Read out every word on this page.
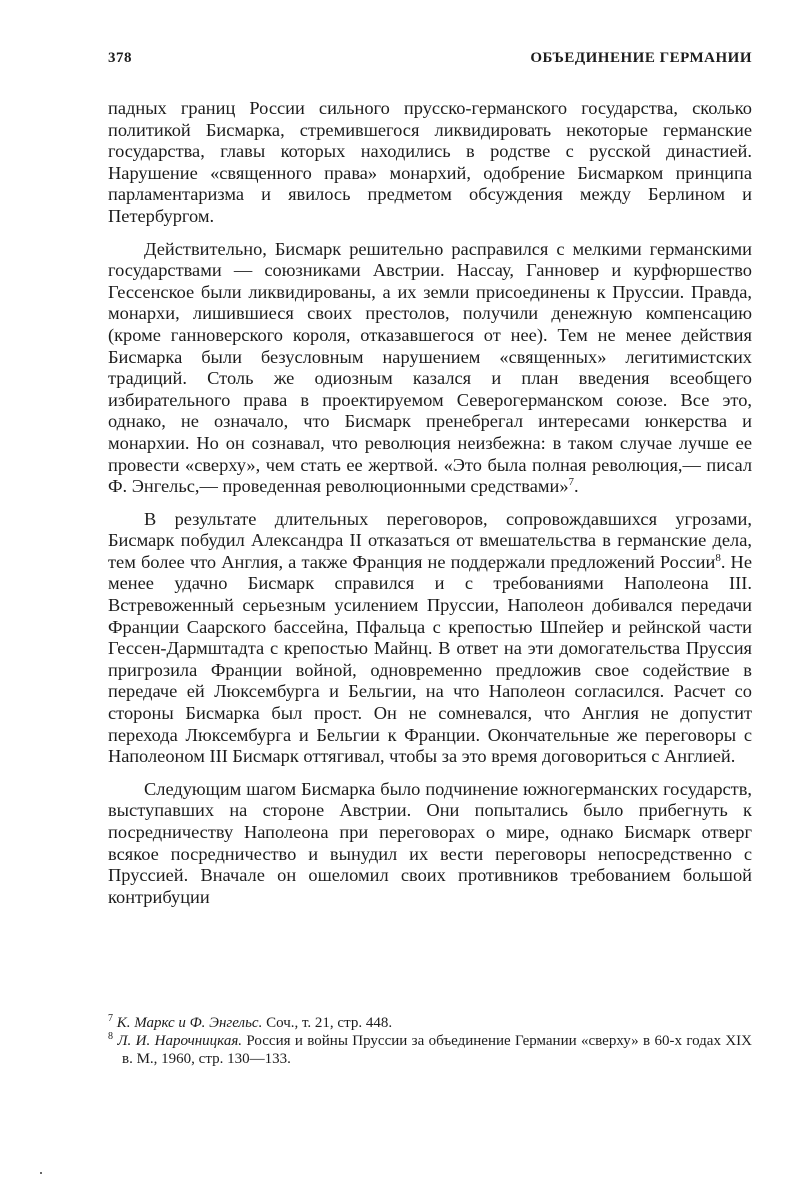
378	ОБЪЕДИНЕНИЕ ГЕРМАНИИ

падных границ России сильного прусско-германского государства, сколько политикой Бисмарка, стремившегося ликвидировать некоторые германские государства, главы которых находились в родстве с русской династией. Нарушение «священного права» монархий, одобрение Бисмарком принципа парламентаризма и явилось предметом обсуждения между Берлином и Петербургом.

Действительно, Бисмарк решительно расправился с мелкими германскими государствами — союзниками Австрии. Нассау, Ганновер и курфюршество Гессенское были ликвидированы, а их земли присоединены к Пруссии. Правда, монархи, лишившиеся своих престолов, получили денежную компенсацию (кроме ганноверского короля, отказавшегося от нее). Тем не менее действия Бисмарка были безусловным нарушением «священных» легитимистских традиций. Столь же одиозным казался и план введения всеобщего избирательного права в проектируемом Северогерманском союзе. Все это, однако, не означало, что Бисмарк пренебрегал интересами юнкерства и монархии. Но он сознавал, что революция неизбежна: в таком случае лучше ее провести «сверху», чем стать ее жертвой. «Это была полная революция,— писал Ф. Энгельс,— проведенная революционными средствами»$^7$.

В результате длительных переговоров, сопровождавшихся угрозами, Бисмарк побудил Александра II отказаться от вмешательства в германские дела, тем более что Англия, а также Франция не поддержали предложений России$^8$. Не менее удачно Бисмарк справился и с требованиями Наполеона III. Встревоженный серьезным усилением Пруссии, Наполеон добивался передачи Франции Саарского бассейна, Пфальца с крепостью Шпейер и рейнской части Гессен-Дармштадта с крепостью Майнц. В ответ на эти домогательства Пруссия пригрозила Франции войной, одновременно предложив свое содействие в передаче ей Люксембурга и Бельгии, на что Наполеон согласился. Расчет со стороны Бисмарка был прост. Он не сомневался, что Англия не допустит перехода Люксембурга и Бельгии к Франции. Окончательные же переговоры с Наполеоном III Бисмарк оттягивал, чтобы за это время договориться с Англией.

Следующим шагом Бисмарка было подчинение южногерманских государств, выступавших на стороне Австрии. Они попытались было прибегнуть к посредничеству Наполеона при переговорах о мире, однако Бисмарк отверг всякое посредничество и вынудил их вести переговоры непосредственно с Пруссией. Вначале он ошеломил своих противников требованием большой контрибуции

$^7$ К. Маркс и Ф. Энгельс. Соч., т. 21, стр. 448.

$^8$ Л. И. Нарочницкая. Россия и войны Пруссии за объединение Германии «сверху» в 60-х годах XIX в. М., 1960, стр. 130—133.
